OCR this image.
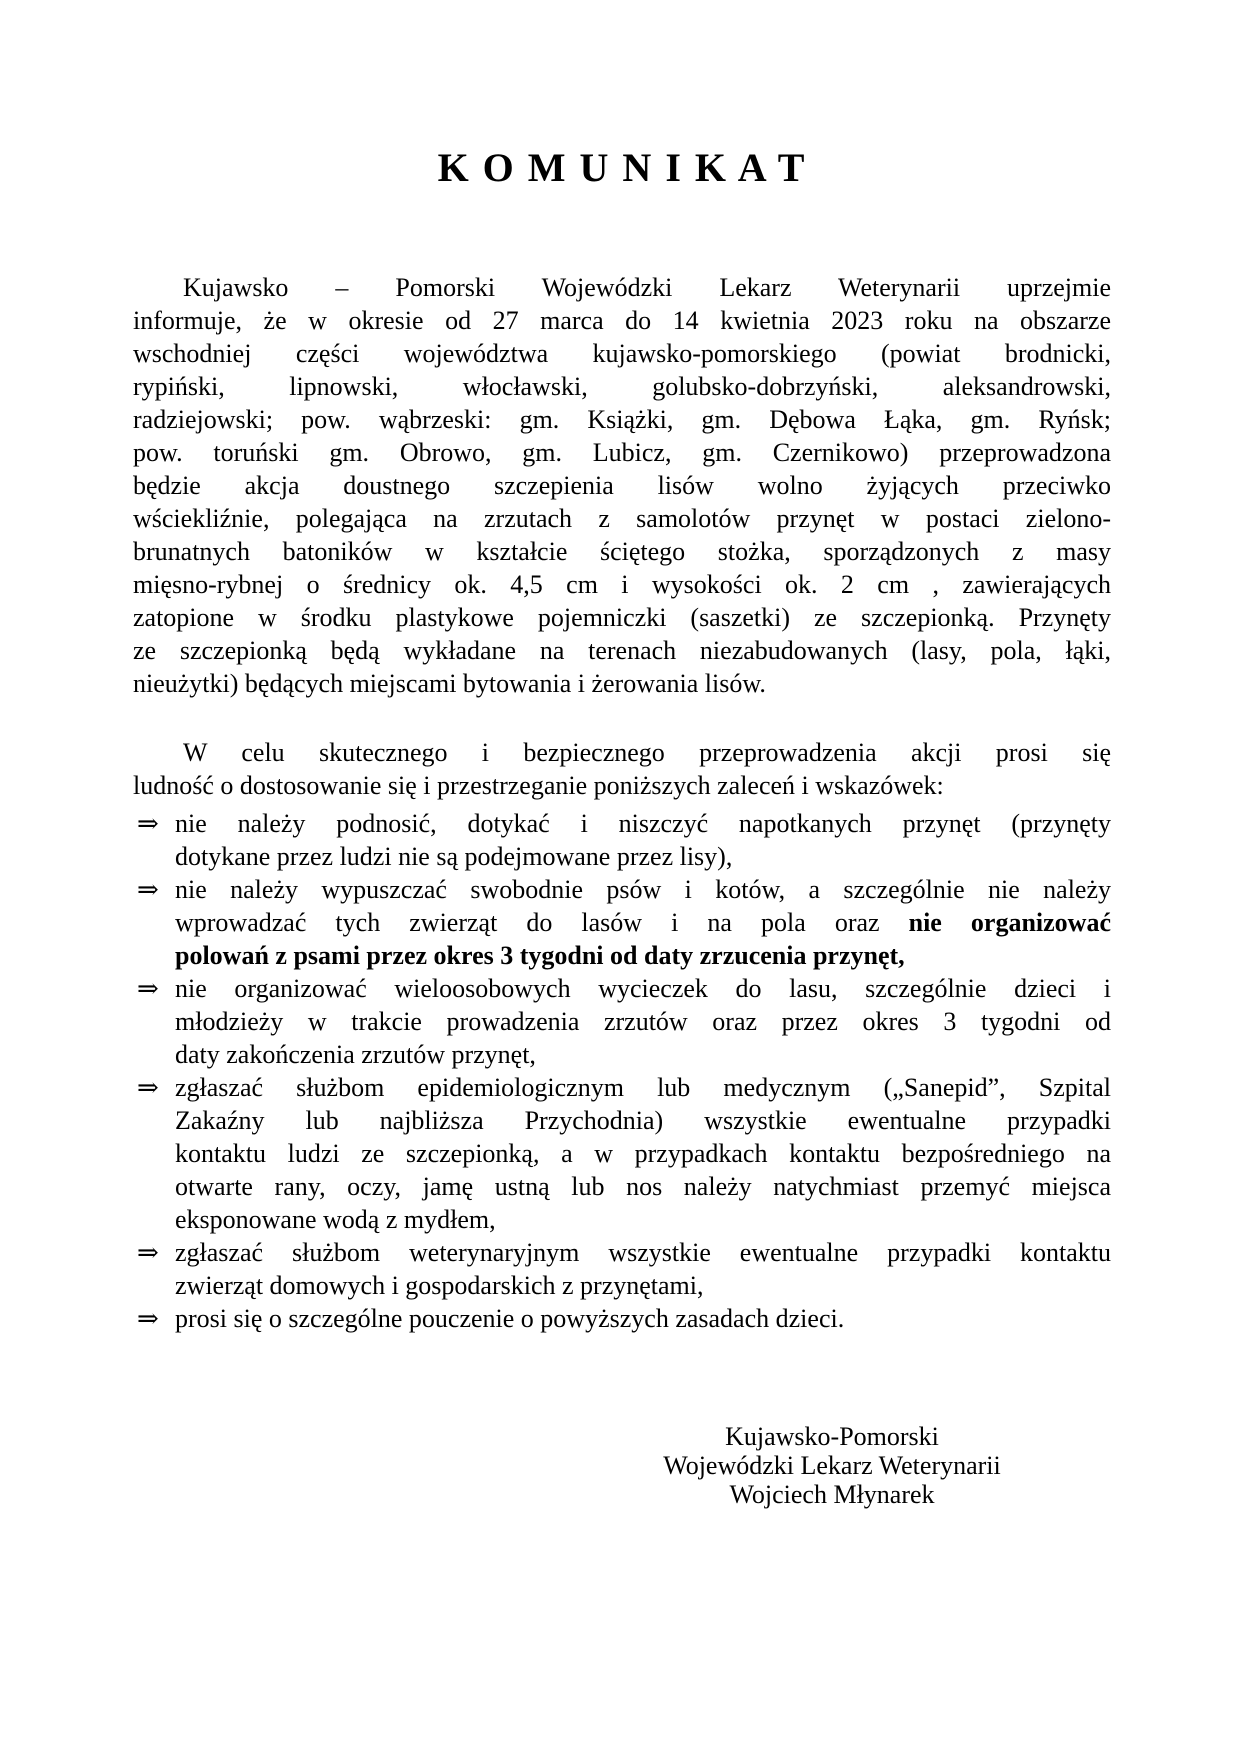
K O M U N I K A T
Kujawsko – Pomorski Wojewódzki Lekarz Weterynarii uprzejmie
informuje, że w okresie od 27 marca do 14 kwietnia 2023 roku na obszarze
wschodniej części województwa kujawsko-pomorskiego (powiat brodnicki,
rypiński, lipnowski, włocławski, golubsko-dobrzyński, aleksandrowski,
radziejowski; pow. wąbrzeski: gm. Książki, gm. Dębowa Łąka, gm. Ryńsk;
pow. toruński gm. Obrowo, gm. Lubicz, gm. Czernikowo) przeprowadzona
będzie akcja doustnego szczepienia lisów wolno żyjących przeciwko
wściekliźnie, polegająca na zrzutach z samolotów przynęt w postaci zielono-
brunatnych batoników w kształcie ściętego stożka, sporządzonych z masy
mięsno-rybnej o średnicy ok. 4,5 cm i wysokości ok. 2 cm , zawierających
zatopione w środku plastykowe pojemniczki (saszetki) ze szczepionką. Przynęty
ze szczepionką będą wykładane na terenach niezabudowanych (lasy, pola, łąki,
nieużytki) będących miejscami bytowania i żerowania lisów.
W celu skutecznego i bezpiecznego przeprowadzenia akcji prosi się
ludność o dostosowanie się i przestrzeganie poniższych zaleceń i wskazówek:
nie należy podnosić, dotykać i niszczyć napotkanych przynęt (przynęty
dotykane przez ludzi nie są podejmowane przez lisy),
⇒
nie należy wypuszczać swobodnie psów i kotów, a szczególnie nie należy
wprowadzać tych zwierząt do lasów i na pola oraz nie organizować
polowań z psami przez okres 3 tygodni od daty zrzucenia przynęt,
⇒
nie organizować wieloosobowych wycieczek do lasu, szczególnie dzieci i
młodzieży w trakcie prowadzenia zrzutów oraz przez okres 3 tygodni od
daty zakończenia zrzutów przynęt,
⇒
zgłaszać służbom epidemiologicznym lub medycznym („Sanepid”, Szpital
Zakaźny lub najbliższa Przychodnia) wszystkie ewentualne przypadki
kontaktu ludzi ze szczepionką, a w przypadkach kontaktu bezpośredniego na
otwarte rany, oczy, jamę ustną lub nos należy natychmiast przemyć miejsca
eksponowane wodą z mydłem,
⇒
zgłaszać służbom weterynaryjnym wszystkie ewentualne przypadki kontaktu
zwierząt domowych i gospodarskich z przynętami,
⇒
prosi się o szczególne pouczenie o powyższych zasadach dzieci.
⇒
Kujawsko-Pomorski
Wojewódzki Lekarz Weterynarii
Wojciech Młynarek
